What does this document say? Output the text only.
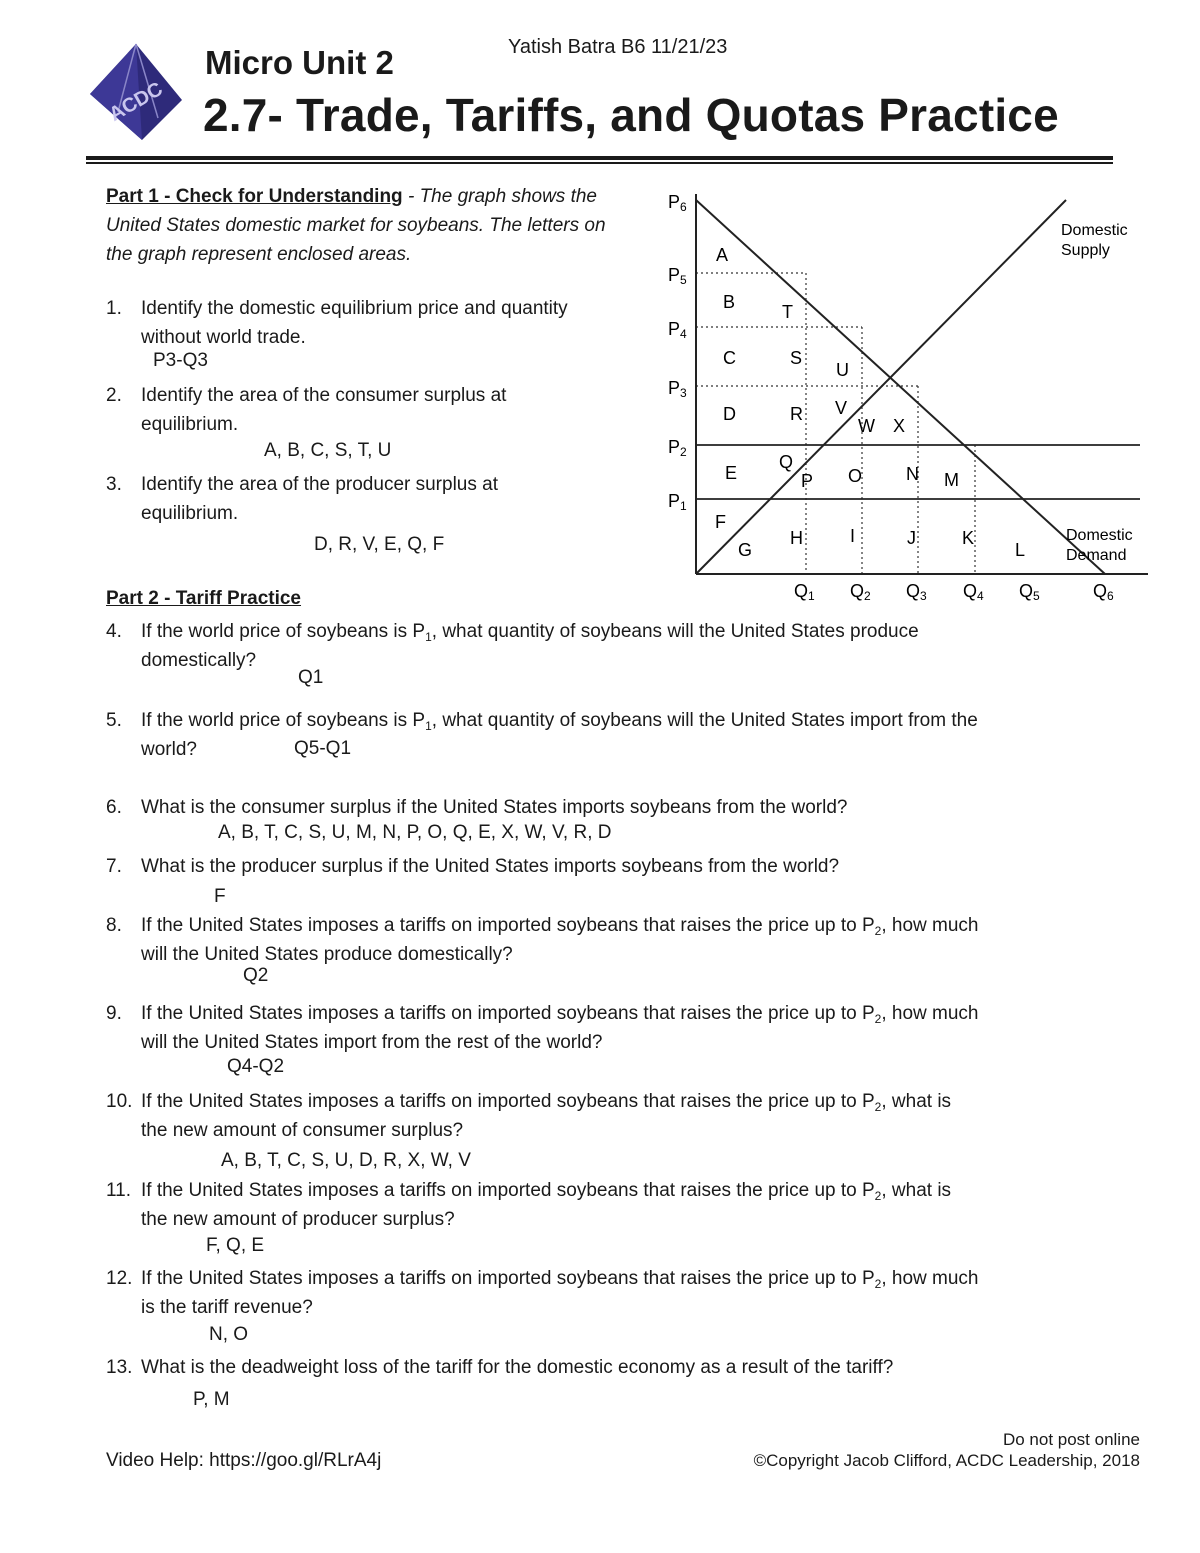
ACDC
Micro Unit 2	Yatish Batra B6 11/21/23
2.7- Trade, Tariffs, and Quotas Practice
Part 1 - Check for Understanding - The graph shows the United States domestic market for soybeans. The letters on the graph represent enclosed areas.
1.	Identify the domestic equilibrium price and quantity
without world trade.
P3-Q3
2.	Identify the area of the consumer surplus at
equilibrium.
A, B, C, S, T, U
3.	Identify the area of the producer surplus at
equilibrium.
D, R, V, E, Q, F
P1
P2
P3
P4
P5
P6
Q1 Q2 Q3 Q4 Q5	Q6
A
B
C
D
E
F
G
H	I	J	K
L
M
N
O
P
Q
R
S
T
U
V
W X
Domestic
Supply
Domestic
Demand
Part 2 - Tariff Practice
4.	If the world price of soybeans is $P_1$, what quantity of soybeans will the United States produce
domestically?
Q1
5.	If the world price of soybeans is $P_1$, what quantity of soybeans will the United States import from the
world?	Q5-Q1
6.	What is the consumer surplus if the United States imports soybeans from the world?
A, B, T, C, S, U, M, N, P, O, Q, E, X, W, V, R, D
7.	What is the producer surplus if the United States imports soybeans from the world?
F
8.	If the United States imposes a tariffs on imported soybeans that raises the price up to $P_2$, how much
will the United States produce domestically?
Q2
9.	If the United States imposes a tariffs on imported soybeans that raises the price up to $P_2$, how much
will the United States import from the rest of the world?
Q4-Q2
10. If the United States imposes a tariffs on imported soybeans that raises the price up to $P_2$, what is
the new amount of consumer surplus?
A, B, T, C, S, U, D, R, X, W, V
11. If the United States imposes a tariffs on imported soybeans that raises the price up to $P_2$, what is
the new amount of producer surplus?
F, Q, E
12. If the United States imposes a tariffs on imported soybeans that raises the price up to $P_2$, how much
is the tariff revenue?
N, O
13. What is the deadweight loss of the tariff for the domestic economy as a result of the tariff?
P, M
Video Help: https://goo.gl/RLrA4j
Do not post online
©Copyright Jacob Clifford, ACDC Leadership, 2018
